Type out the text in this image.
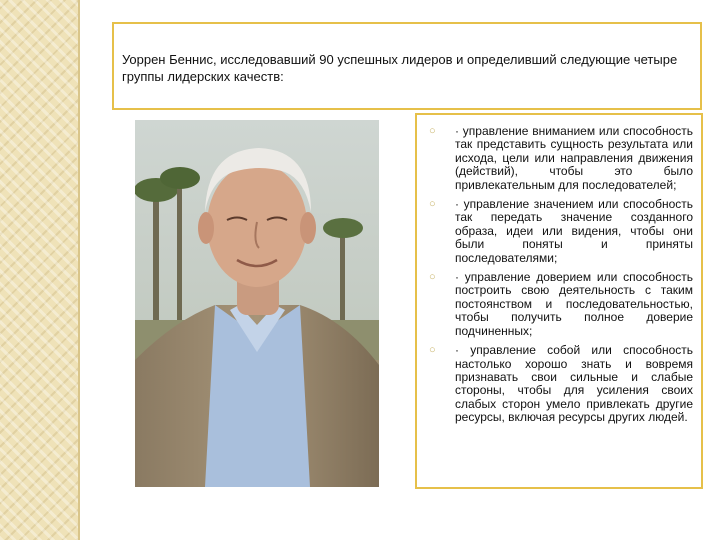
Уоррен Беннис, исследовавший 90 успешных лидеров и определивший следующие четыре группы лидерских качеств:
○
· управление вниманием или способность так представить сущность результата или исхода, цели или направления движения (действий), чтобы это было привлекательным для последователей;
○
· управление значением или способность так передать значение созданного образа, идеи или видения, чтобы они были поняты и приняты последователями;
○
· управление доверием или способность построить свою деятельность с таким постоянством и последовательностью, чтобы получить полное доверие подчиненных;
○
· управление собой или способность настолько хорошо знать и вовремя признавать свои сильные и слабые стороны, чтобы для усиления своих слабых сторон умело привлекать другие ресурсы, включая ресурсы других людей.
